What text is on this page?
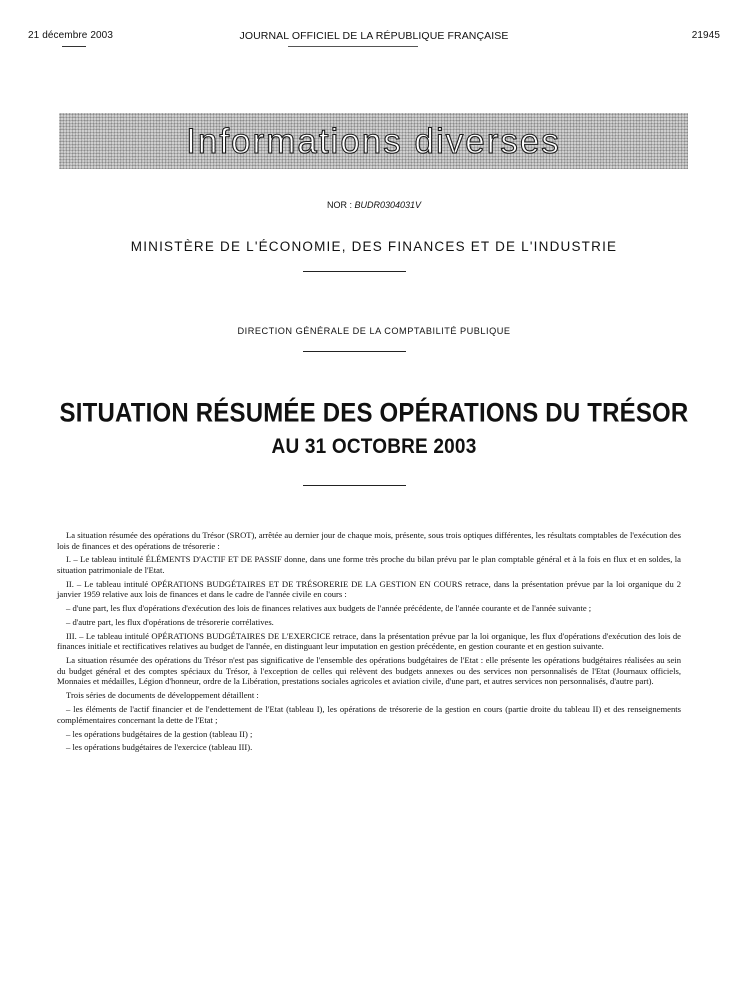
21 décembre 2003	JOURNAL OFFICIEL DE LA RÉPUBLIQUE FRANÇAISE	21945
Informations diverses
NOR : BUDR0304031V
MINISTÈRE DE L'ÉCONOMIE, DES FINANCES ET DE L'INDUSTRIE
DIRECTION GÉNÉRALE DE LA COMPTABILITÉ PUBLIQUE
SITUATION RÉSUMÉE DES OPÉRATIONS DU TRÉSOR
AU 31 OCTOBRE 2003

La situation résumée des opérations du Trésor (SROT), arrêtée au dernier jour de chaque mois, présente, sous trois optiques différentes, les résultats comptables de l'exécution des lois de finances et des opérations de trésorerie :

I. – Le tableau intitulé ÉLÉMENTS D'ACTIF ET DE PASSIF donne, dans une forme très proche du bilan prévu par le plan comptable général et à la fois en flux et en soldes, la situation patrimoniale de l'Etat.

II. – Le tableau intitulé OPÉRATIONS BUDGÉTAIRES ET DE TRÉSORERIE DE LA GESTION EN COURS retrace, dans la présentation prévue par la loi organique du 2 janvier 1959 relative aux lois de finances et dans le cadre de l'année civile en cours :

– d'une part, les flux d'opérations d'exécution des lois de finances relatives aux budgets de l'année précédente, de l'année courante et de l'année suivante ;

– d'autre part, les flux d'opérations de trésorerie corrélatives.

III. – Le tableau intitulé OPÉRATIONS BUDGÉTAIRES DE L'EXERCICE retrace, dans la présentation prévue par la loi organique, les flux d'opérations d'exécution des lois de finances initiale et rectificatives relatives au budget de l'année, en distinguant leur imputation en gestion précédente, en gestion courante et en gestion suivante.

La situation résumée des opérations du Trésor n'est pas significative de l'ensemble des opérations budgétaires de l'Etat : elle présente les opérations budgétaires réalisées au sein du budget général et des comptes spéciaux du Trésor, à l'exception de celles qui relèvent des budgets annexes ou des services non personnalisés de l'Etat (Journaux officiels, Monnaies et médailles, Légion d'honneur, ordre de la Libération, prestations sociales agricoles et aviation civile, d'une part, et autres services non personnalisés, d'autre part).

Trois séries de documents de développement détaillent :

– les éléments de l'actif financier et de l'endettement de l'Etat (tableau I), les opérations de trésorerie de la gestion en cours (partie droite du tableau II) et des renseignements complémentaires concernant la dette de l'Etat ;

– les opérations budgétaires de la gestion (tableau II) ;

– les opérations budgétaires de l'exercice (tableau III).
